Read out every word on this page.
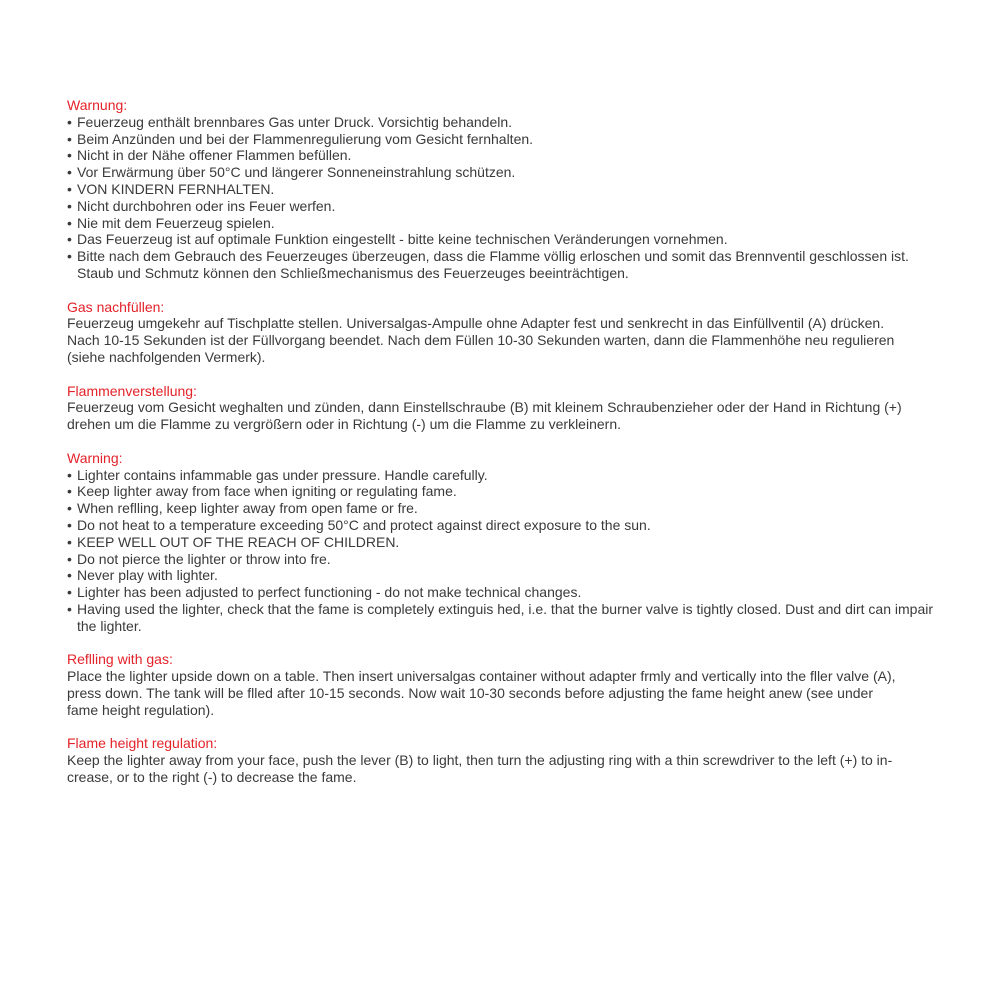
Warnung:
• Feuerzeug enthält brennbares Gas unter Druck. Vorsichtig behandeln.
• Beim Anzünden und bei der Flammenregulierung vom Gesicht fernhalten.
• Nicht in der Nähe offener Flammen befüllen.
• Vor Erwärmung über 50°C und längerer Sonneneinstrahlung schützen.
• VON KINDERN FERNHALTEN.
• Nicht durchbohren oder ins Feuer werfen.
• Nie mit dem Feuerzeug spielen.
• Das Feuerzeug ist auf optimale Funktion eingestellt - bitte keine technischen Veränderungen vornehmen.
• Bitte nach dem Gebrauch des Feuerzeuges überzeugen, dass die Flamme völlig erloschen und somit das Brennventil geschlossen ist. Staub und Schmutz können den Schließmechanismus des Feuerzeuges beeinträchtigen.
Gas nachfüllen:
Feuerzeug umgekehr auf Tischplatte stellen. Universalgas-Ampulle ohne Adapter fest und senkrecht in das Einfüllventil (A) drücken.
Nach 10-15 Sekunden ist der Füllvorgang beendet. Nach dem Füllen 10-30 Sekunden warten, dann die Flammenhöhe neu regulieren
(siehe nachfolgenden Vermerk).
Flammenverstellung:
Feuerzeug vom Gesicht weghalten und zünden, dann Einstellschraube (B) mit kleinem Schraubenzieher oder der Hand in Richtung (+)
drehen um die Flamme zu vergrößern oder in Richtung (-) um die Flamme zu verkleinern.
Warning:
• Lighter contains infammable gas under pressure. Handle carefully.
• Keep lighter away from face when igniting or regulating fame.
• When reflling, keep lighter away from open fame or fre.
• Do not heat to a temperature exceeding 50°C and protect against direct exposure to the sun.
• KEEP WELL OUT OF THE REACH OF CHILDREN.
• Do not pierce the lighter or throw into fre.
• Never play with lighter.
• Lighter has been adjusted to perfect functioning - do not make technical changes.
• Having used the lighter, check that the fame is completely extinguis hed, i.e. that the burner valve is tightly closed. Dust and dirt can impair the lighter.
Reflling with gas:
Place the lighter upside down on a table. Then insert universalgas container without adapter frmly and vertically into the fller valve (A),
press down. The tank will be flled after 10-15 seconds. Now wait 10-30 seconds before adjusting the fame height anew (see under
fame height regulation).
Flame height regulation:
Keep the lighter away from your face, push the lever (B) to light, then turn the adjusting ring with a thin screwdriver to the left (+) to in-
crease, or to the right (-) to decrease the fame.
